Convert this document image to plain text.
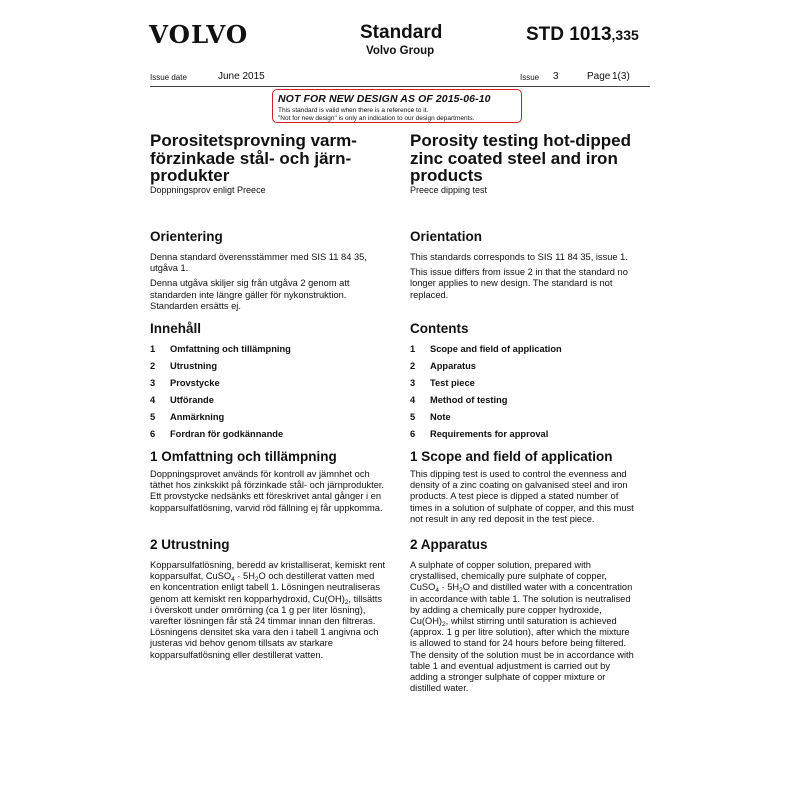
VOLVO	Standard
Volvo Group
STD 1013,335
Issue date	June 2015	Issue 3	Page 1(3)
NOT FOR NEW DESIGN AS OF 2015-06-10
This standard is valid when there is a reference to it.
"Not for new design" is only an indication to our design departments.
Porositetsprovning varm-förzinkade stål- och järn-produkter
Doppningsprov enligt Preece
Orientering

Denna standard överensstämmer med SIS 11 84 35, utgåva 1.

Denna utgåva skiljer sig från utgåva 2 genom att standarden inte längre gäller för nykonstruktion. Standarden ersätts ej.

Innehåll
1 Omfattning och tillämpning
2 Utrustning
3 Provstycke
4 Utförande
5 Anmärkning
6 Fordran för godkännande
1 Omfattning och tillämpning
Doppningsprovet används för kontroll av jämnhet och täthet hos zinkskikt på förzinkade stål- och järnprodukter. Ett provstycke nedsänks ett föreskrivet antal gånger i en kopparsulfatlösning, varvid röd fällning ej får uppkomma.
2 Utrustning
Kopparsulfatlösning, beredd av kristalliserat, kemiskt rent kopparsulfat, CuSO$_4$ · $5H_2O$ och destillerat vatten med en koncentration enligt tabell 1. Lösningen neutraliseras genom att kemiskt ren kopparhydroxid, $Cu(OH)_2$, tillsätts i överskott under omrörning (ca 1 g per liter lösning), varefter lösningen får stå 24 timmar innan den filtreras. Lösningens densitet ska vara den i tabell 1 angivna och justeras vid behov genom tillsats av starkare kopparsulfatlösning eller destillerat vatten.
Porosity testing hot-dipped zinc coated steel and iron products
Preece dipping test
Orientation

This standards corresponds to SIS 11 84 35, issue 1.

This issue differs from issue 2 in that the standard no longer applies to new design. The standard is not replaced.

Contents
1 Scope and field of application
2 Apparatus
3 Test piece
4 Method of testing
5 Note
6 Requirements for approval
1 Scope and field of application
This dipping test is used to control the evenness and density of a zinc coating on galvanised steel and iron products. A test piece is dipped a stated number of times in a solution of sulphate of copper, and this must not result in any red deposit in the test piece.
2 Apparatus
A sulphate of copper solution, prepared with crystallised, chemically pure sulphate of copper, CuSO$_4$ · $5H_2O$ and distilled water with a concentration in accordance with table 1. The solution is neutralised by adding a chemically pure copper hydroxide, $Cu(OH)_2$, whilst stirring until saturation is achieved (approx. 1 g per litre solution), after which the mixture is allowed to stand for 24 hours before being filtered. The density of the solution must be in accordance with table 1 and eventual adjustment is carried out by adding a stronger sulphate of copper mixture or distilled water.
